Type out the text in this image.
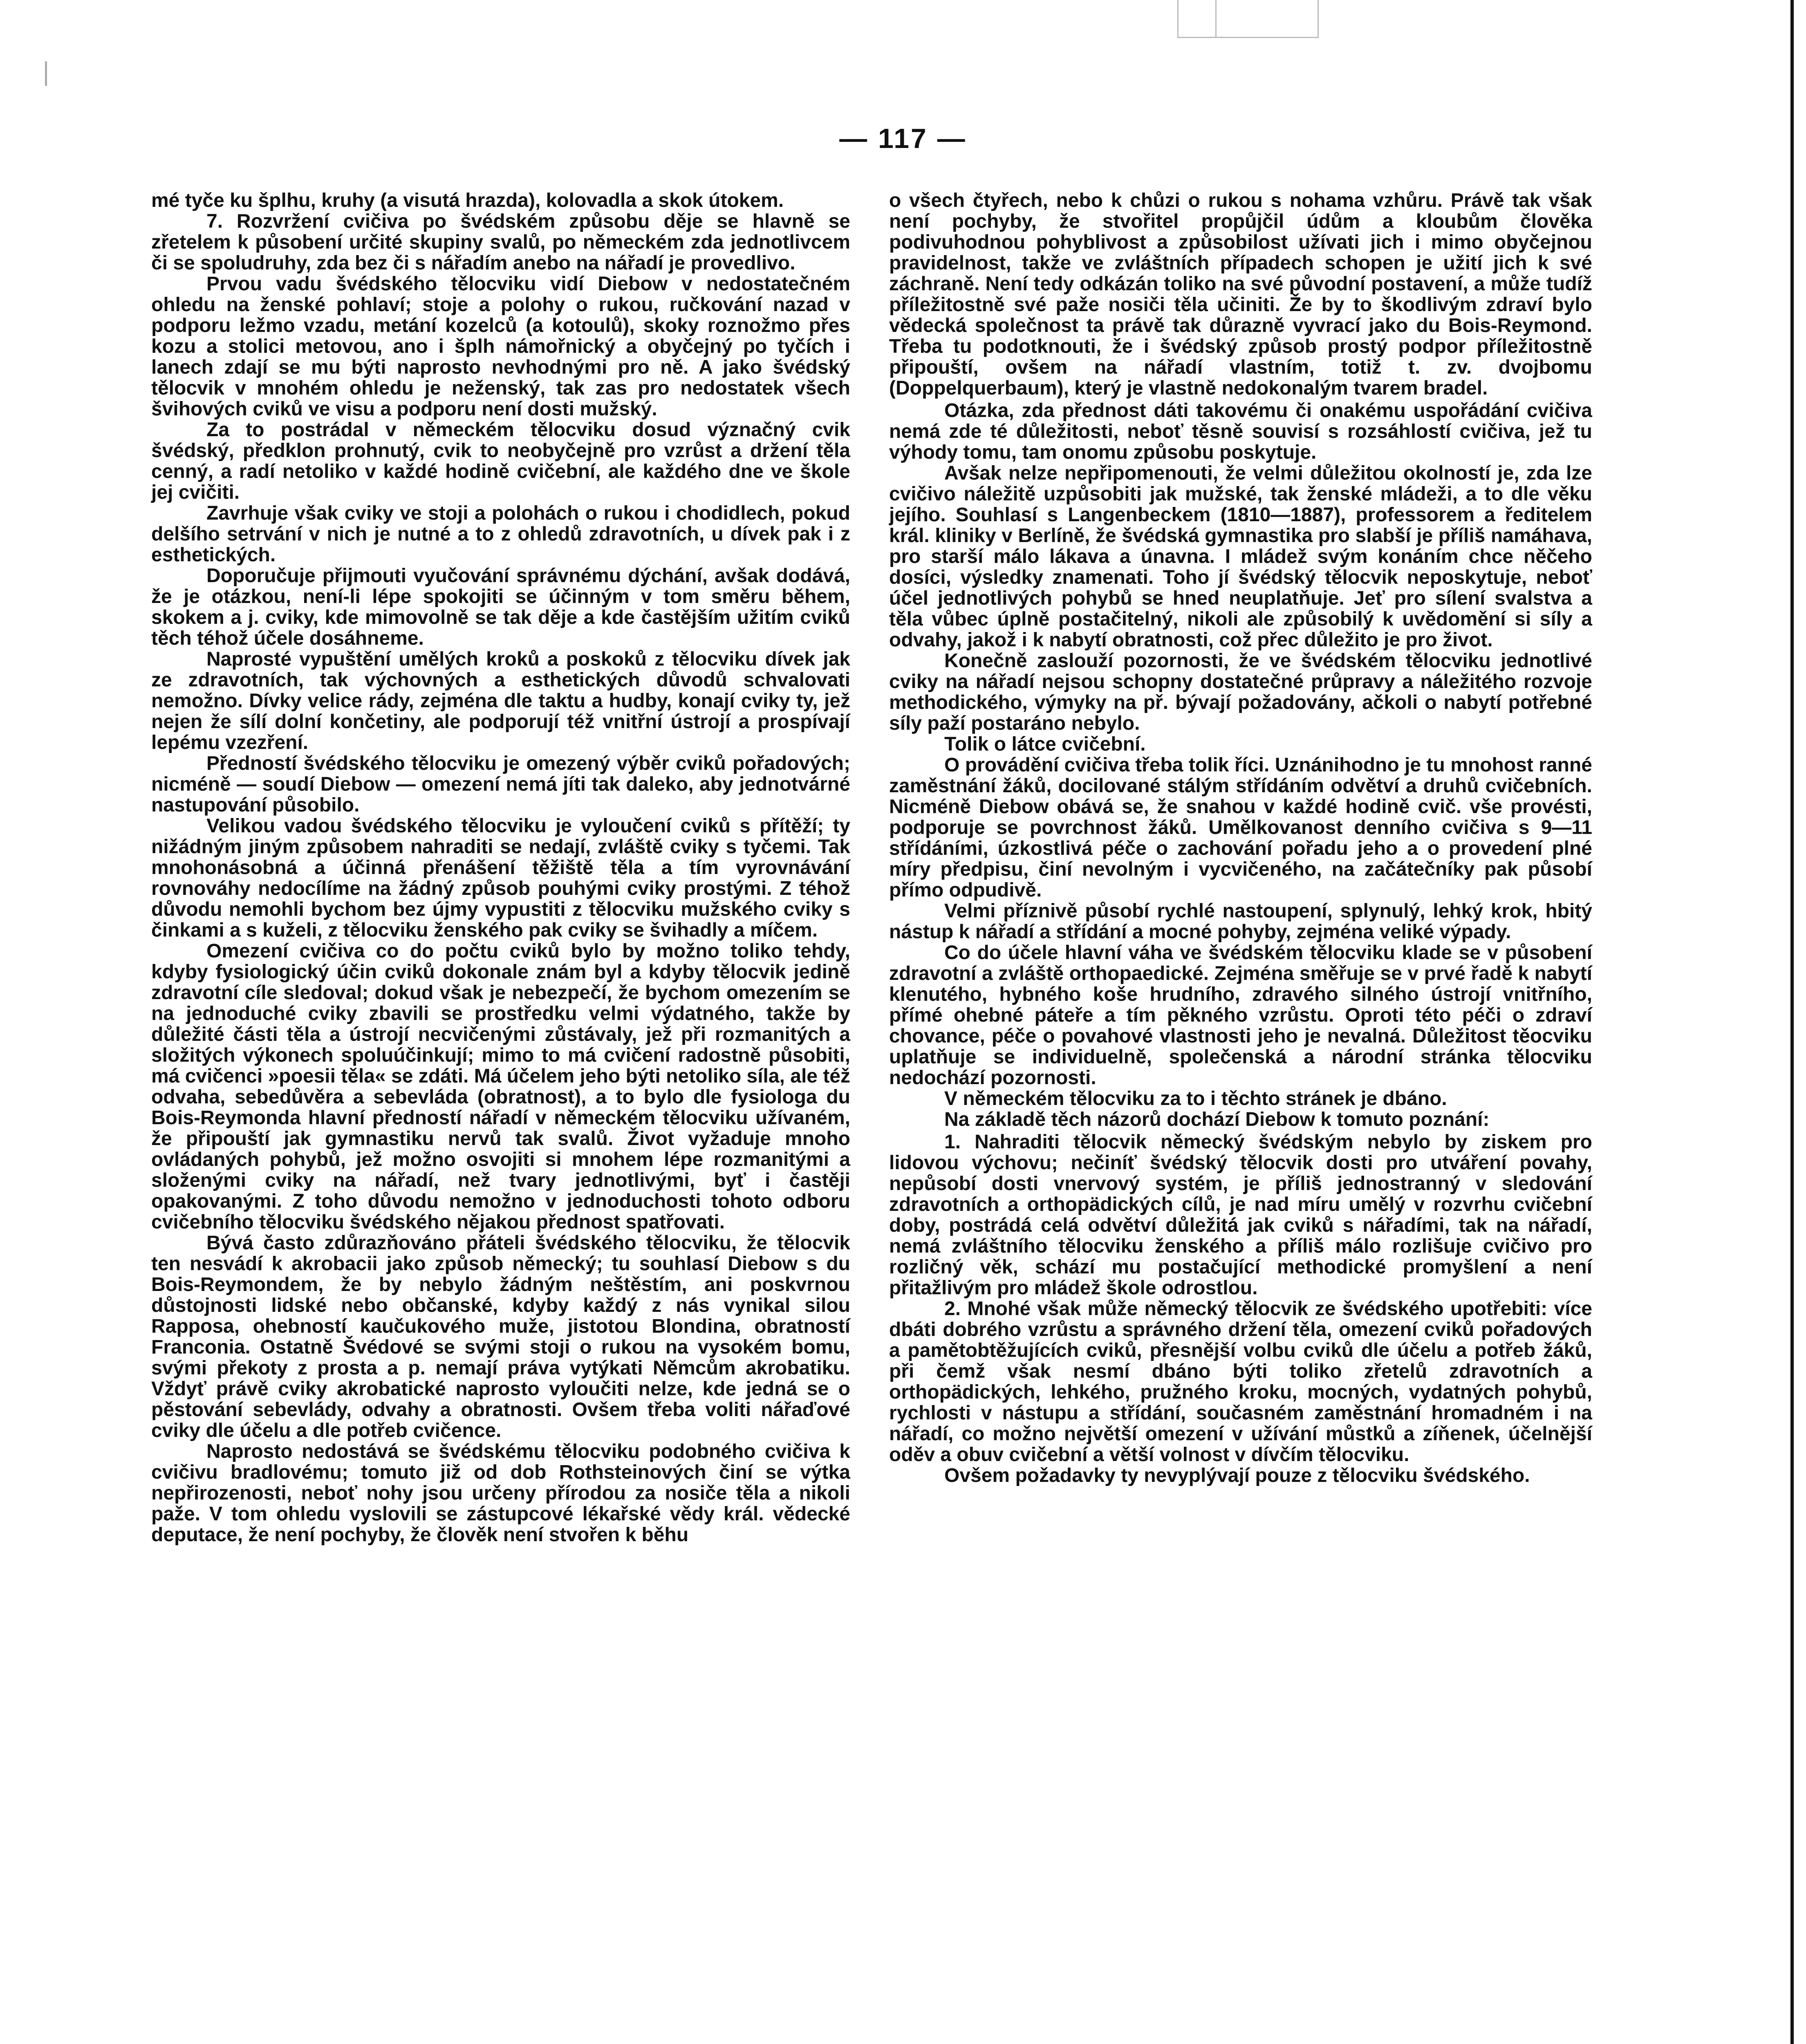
— 117 —

mé tyče ku šplhu, kruhy (a visutá hrazda), kolovadla a skok útokem.

7. Rozvržení cvičiva po švédském způsobu děje se hlavně se zřetelem k působení určité skupiny svalů, po německém zda jednotlivcem či se spoludruhy, zda bez či s nářadím anebo na nářadí je provedlivo.

Prvou vadu švédského tělocviku vidí Diebow v nedostatečném ohledu na ženské pohlaví; stoje a polohy o rukou, ručkování nazad v podporu ležmo vzadu, metání kozelců (a kotoulů), skoky roznožmo přes kozu a stolici metovou, ano i šplh námořnický a obyčejný po tyčích i lanech zdají se mu býti naprosto nevhodnými pro ně. A jako švédský tělocvik v mnohém ohledu je neženský, tak zas pro nedostatek všech švihových cviků ve visu a podporu není dosti mužský.

Za to postrádal v německém tělocviku dosud význačný cvik švédský, předklon prohnutý, cvik to neobyčejně pro vzrůst a držení těla cenný, a radí netoliko v každé hodině cvičební, ale každého dne ve škole jej cvičiti.

Zavrhuje však cviky ve stoji a polohách o rukou i chodidlech, pokud delšího setrvání v nich je nutné a to z ohledů zdravotních, u dívek pak i z esthetických.

Doporučuje přijmouti vyučování správnému dýchání, avšak dodává, že je otázkou, není-li lépe spokojiti se účinným v tom směru během, skokem a j. cviky, kde mimovolně se tak děje a kde častějším užitím cviků těch téhož účele dosáhneme.

Naprosté vypuštění umělých kroků a poskoků z tělocviku dívek jak ze zdravotních, tak výchovných a esthetických důvodů schvalovati nemožno. Dívky velice rády, zejména dle taktu a hudby, konají cviky ty, jež nejen že sílí dolní končetiny, ale podporují též vnitřní ústrojí a prospívají lepému vzezření.

Předností švédského tělocviku je omezený výběr cviků pořadových; nicméně — soudí Diebow — omezení nemá jíti tak daleko, aby jednotvárné nastupování působilo.

Velikou vadou švédského tělocviku je vyloučení cviků s přítěží; ty nižádným jiným způsobem nahraditi se nedají, zvláště cviky s tyčemi. Tak mnohonásobná a účinná přenášení těžiště těla a tím vyrovnávání rovnováhy nedocílíme na žádný způsob pouhými cviky prostými. Z téhož důvodu nemohli bychom bez újmy vypustiti z tělocviku mužského cviky s činkami a s kuželi, z tělocviku ženského pak cviky se švihadly a míčem.

Omezení cvičiva co do počtu cviků bylo by možno toliko tehdy, kdyby fysiologický účin cviků dokonale znám byl a kdyby tělocvik jedině zdravotní cíle sledoval; dokud však je nebezpečí, že bychom omezením se na jednoduché cviky zbavili se prostředku velmi výdatného, takže by důležité části těla a ústrojí necvičenými zůstávaly, jež při rozmanitých a složitých výkonech spoluúčinkují; mimo to má cvičení radostně působiti, má cvičenci »poesii těla« se zdáti. Má účelem jeho býti netoliko síla, ale též odvaha, sebedůvěra a sebevláda (obratnost), a to bylo dle fysiologa du Bois-Reymonda hlavní předností nářadí v německém tělocviku užívaném, že připouští jak gymnastiku nervů tak svalů. Život vyžaduje mnoho ovládaných pohybů, jež možno osvojiti si mnohem lépe rozmanitými a složenými cviky na nářadí, než tvary jednotlivými, byť i častěji opakovanými. Z toho důvodu nemožno v jednoduchosti tohoto odboru cvičebního tělocviku švédského nějakou přednost spatřovati.

Bývá často zdůrazňováno přáteli švédského tělocviku, že tělocvik ten nesvádí k akrobacii jako způsob německý; tu souhlasí Diebow s du Bois-Reymondem, že by nebylo žádným neštěstím, ani poskvrnou důstojnosti lidské nebo občanské, kdyby každý z nás vynikal silou Rapposa, ohebností kaučukového muže, jistotou Blondina, obratností Franconia. Ostatně Švédové se svými stoji o rukou na vysokém bomu, svými překoty z prosta a p. nemají práva vytýkati Němcům akrobatiku. Vždyť právě cviky akrobatické naprosto vyloučiti nelze, kde jedná se o pěstování sebevlády, odvahy a obratnosti. Ovšem třeba voliti nářaďové cviky dle účelu a dle potřeb cvičence.

Naprosto nedostává se švédskému tělocviku podobného cvičiva k cvičivu bradlovému; tomuto již od dob Rothsteinových činí se výtka nepřirozenosti, neboť nohy jsou určeny přírodou za nosiče těla a nikoli paže. V tom ohledu vyslovili se zástupcové lékařské vědy král. vědecké deputace, že není pochyby, že člověk není stvořen k běhu

o všech čtyřech, nebo k chůzi o rukou s nohama vzhůru. Právě tak však není pochyby, že stvořitel propůjčil údům a kloubům člověka podivuhodnou pohyblivost a způsobilost užívati jich i mimo obyčejnou pravidelnost, takže ve zvláštních případech schopen je užití jich k své záchraně. Není tedy odkázán toliko na své původní postavení, a může tudíž příležitostně své paže nosiči těla učiniti. Že by to škodlivým zdraví bylo vědecká společnost ta právě tak důrazně vyvrací jako du Bois-Reymond. Třeba tu podotknouti, že i švédský způsob prostý podpor příležitostně připouští, ovšem na nářadí vlastním, totiž t. zv. dvojbomu (Doppelquerbaum), který je vlastně nedokonalým tvarem bradel.

Otázka, zda přednost dáti takovému či onakému uspořádání cvičiva nemá zde té důležitosti, neboť těsně souvisí s rozsáhlostí cvičiva, jež tu výhody tomu, tam onomu způsobu poskytuje.

Avšak nelze nepřipomenouti, že velmi důležitou okolností je, zda lze cvičivo náležitě uzpůsobiti jak mužské, tak ženské mládeži, a to dle věku jejího. Souhlasí s Langenbeckem (1810—1887), professorem a ředitelem král. kliniky v Berlíně, že švédská gymnastika pro slabší je příliš namáhava, pro starší málo lákava a únavna. I mládež svým konáním chce něčeho dosíci, výsledky znamenati. Toho jí švédský tělocvik neposkytuje, neboť účel jednotlivých pohybů se hned neuplatňuje. Jeť pro sílení svalstva a těla vůbec úplně postačitelný, nikoli ale způsobilý k uvědomění si síly a odvahy, jakož i k nabytí obratnosti, což přec důležito je pro život.

Konečně zaslouží pozornosti, že ve švédském tělocviku jednotlivé cviky na nářadí nejsou schopny dostatečné průpravy a náležitého rozvoje methodického, výmyky na př. bývají požadovány, ačkoli o nabytí potřebné síly paží postaráno nebylo.

Tolik o látce cvičební.

O provádění cvičiva třeba tolik říci. Uznánihodno je tu mnohost ranné zaměstnání žáků, docilované stálým střídáním odvětví a druhů cvičebních. Nicméně Diebow obává se, že snahou v každé hodině cvič. vše provésti, podporuje se povrchnost žáků. Umělkovanost denního cvičiva s 9—11 střídáními, úzkostlivá péče o zachování pořadu jeho a o provedení plné míry předpisu, činí nevolným i vycvičeného, na začátečníky pak působí přímo odpudivě.

Velmi příznivě působí rychlé nastoupení, splynulý, lehký krok, hbitý nástup k nářadí a střídání a mocné pohyby, zejména veliké výpady.

Co do účele hlavní váha ve švédském tělocviku klade se v působení zdravotní a zvláště orthopaedické. Zejména směřuje se v prvé řadě k nabytí klenutého, hybného koše hrudního, zdravého silného ústrojí vnitřního, přímé ohebné páteře a tím pěkného vzrůstu. Oproti této péči o zdraví chovance, péče o povahové vlastnosti jeho je nevalná. Důležitost těocviku uplatňuje se individuelně, společenská a národní stránka tělocviku nedochází pozornosti.

V německém tělocviku za to i těchto stránek je dbáno.

Na základě těch názorů dochází Diebow k tomuto poznání:

1. Nahraditi tělocvik německý švédským nebylo by ziskem pro lidovou výchovu; nečiníť švédský tělocvik dosti pro utváření povahy, nepůsobí dosti vnervový systém, je příliš jednostranný v sledování zdravotních a orthopädických cílů, je nad míru umělý v rozvrhu cvičební doby, postrádá celá odvětví důležitá jak cviků s nářadími, tak na nářadí, nemá zvláštního tělocviku ženského a příliš málo rozlišuje cvičivo pro rozličný věk, schází mu postačující methodické promyšlení a není přitažlivým pro mládež škole odrostlou.

2. Mnohé však může německý tělocvik ze švédského upotřebiti: více dbáti dobrého vzrůstu a správného držení těla, omezení cviků pořadových a pamětobtěžujících cviků, přesnější volbu cviků dle účelu a potřeb žáků, při čemž však nesmí dbáno býti toliko zřetelů zdravotních a orthopädických, lehkého, pružného kroku, mocných, vydatných pohybů, rychlosti v nástupu a střídání, současném zaměstnání hromadném i na nářadí, co možno největší omezení v užívání můstků a zíňenek, účelnější oděv a obuv cvičební a větší volnost v dívčím tělocviku.

Ovšem požadavky ty nevyplývají pouze z tělocviku švédského.
